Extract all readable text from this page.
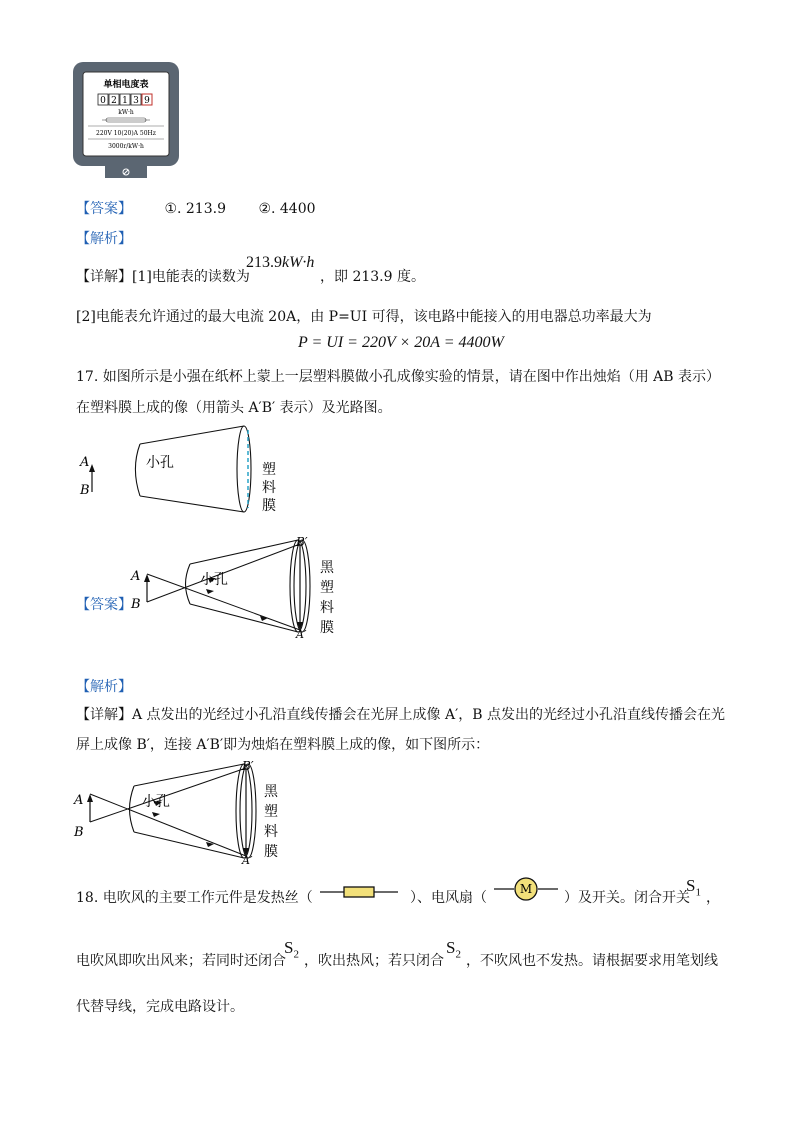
单相电度表
0 2 1 3 9
kW·h
220V 10(20)A 50Hz
3000r/kW·h
【答案】 ①. 213.9 ②. 4400
【解析】
【详解】[1]电能表的读数为
213.9kW·h
，即 213.9 度。
[2]电能表允许通过的最大电流 20A，由 P=UI 可得，该电路中能接入的用电器总功率最大为
P = UI = 220V × 20A = 4400W
17. 如图所示是小强在纸杯上蒙上一层塑料膜做小孔成像实验的情景，请在图中作出烛焰（用 AB 表示）
在塑料膜上成的像（用箭头 A′B′ 表示）及光路图。
A
B
小孔	塑
料
膜
【答案】
A
B
小孔
B′
A′
黑
塑
料
膜
【解析】
【详解】A 点发出的光经过小孔沿直线传播会在光屏上成像 A′，B 点发出的光经过小孔沿直线传播会在光
屏上成像 B′，连接 A′B′即为烛焰在塑料膜上成的像，如下图所示：
A
B
小孔
B′
A′
黑
塑
料
膜
18. 电吹风的主要工作元件是发热丝（	）、电风扇（
M
）及开关。闭合开关
$S_1$ ，
电吹风即吹出风来；若同时还闭合
$S_2$ ，吹出热风；若只闭合
$S_2$ ，不吹风也不发热。请根据要求用笔划线
代替导线，完成电路设计。
